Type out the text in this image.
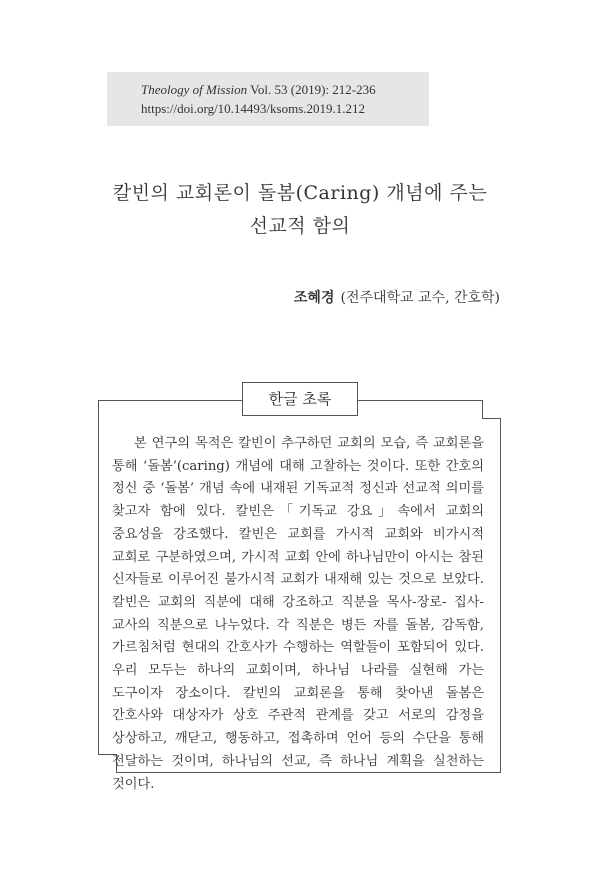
Theology of Mission Vol. 53 (2019): 212-236
https://doi.org/10.14493/ksoms.2019.1.212
칼빈의 교회론이 돌봄(Caring) 개념에 주는
선교적 함의
조혜경 (전주대학교 교수, 간호학)
한글 초록
본 연구의 목적은 칼빈이 추구하던 교회의 모습, 즉 교회론을 통해 ‘돌봄’(caring) 개념에 대해 고찰하는 것이다. 또한 간호의 정신 중 ‘돌봄’ 개념 속에 내재된 기독교적 정신과 선교적 의미를 찾고자 함에 있다. 칼빈은「기독교 강요」속에서 교회의 중요성을 강조했다. 칼빈은 교회를 가시적 교회와 비가시적 교회로 구분하였으며, 가시적 교회 안에 하나님만이 아시는 참된 신자들로 이루어진 불가시적 교회가 내재해 있는 것으로 보았다. 칼빈은 교회의 직분에 대해 강조하고 직분을 목사-장로- 집사- 교사의 직분으로 나누었다. 각 직분은 병든 자를 돌봄, 감독함, 가르침처럼 현대의 간호사가 수행하는 역할들이 포함되어 있다. 우리 모두는 하나의 교회이며, 하나님 나라를 실현해 가는 도구이자 장소이다. 칼빈의 교회론을 통해 찾아낸 돌봄은 간호사와 대상자가 상호 주관적 관계를 갖고 서로의 감정을 상상하고, 깨닫고, 행동하고, 접촉하며 언어 등의 수단을 통해 전달하는 것이며, 하나님의 선교, 즉 하나님 계획을 실천하는 것이다.
